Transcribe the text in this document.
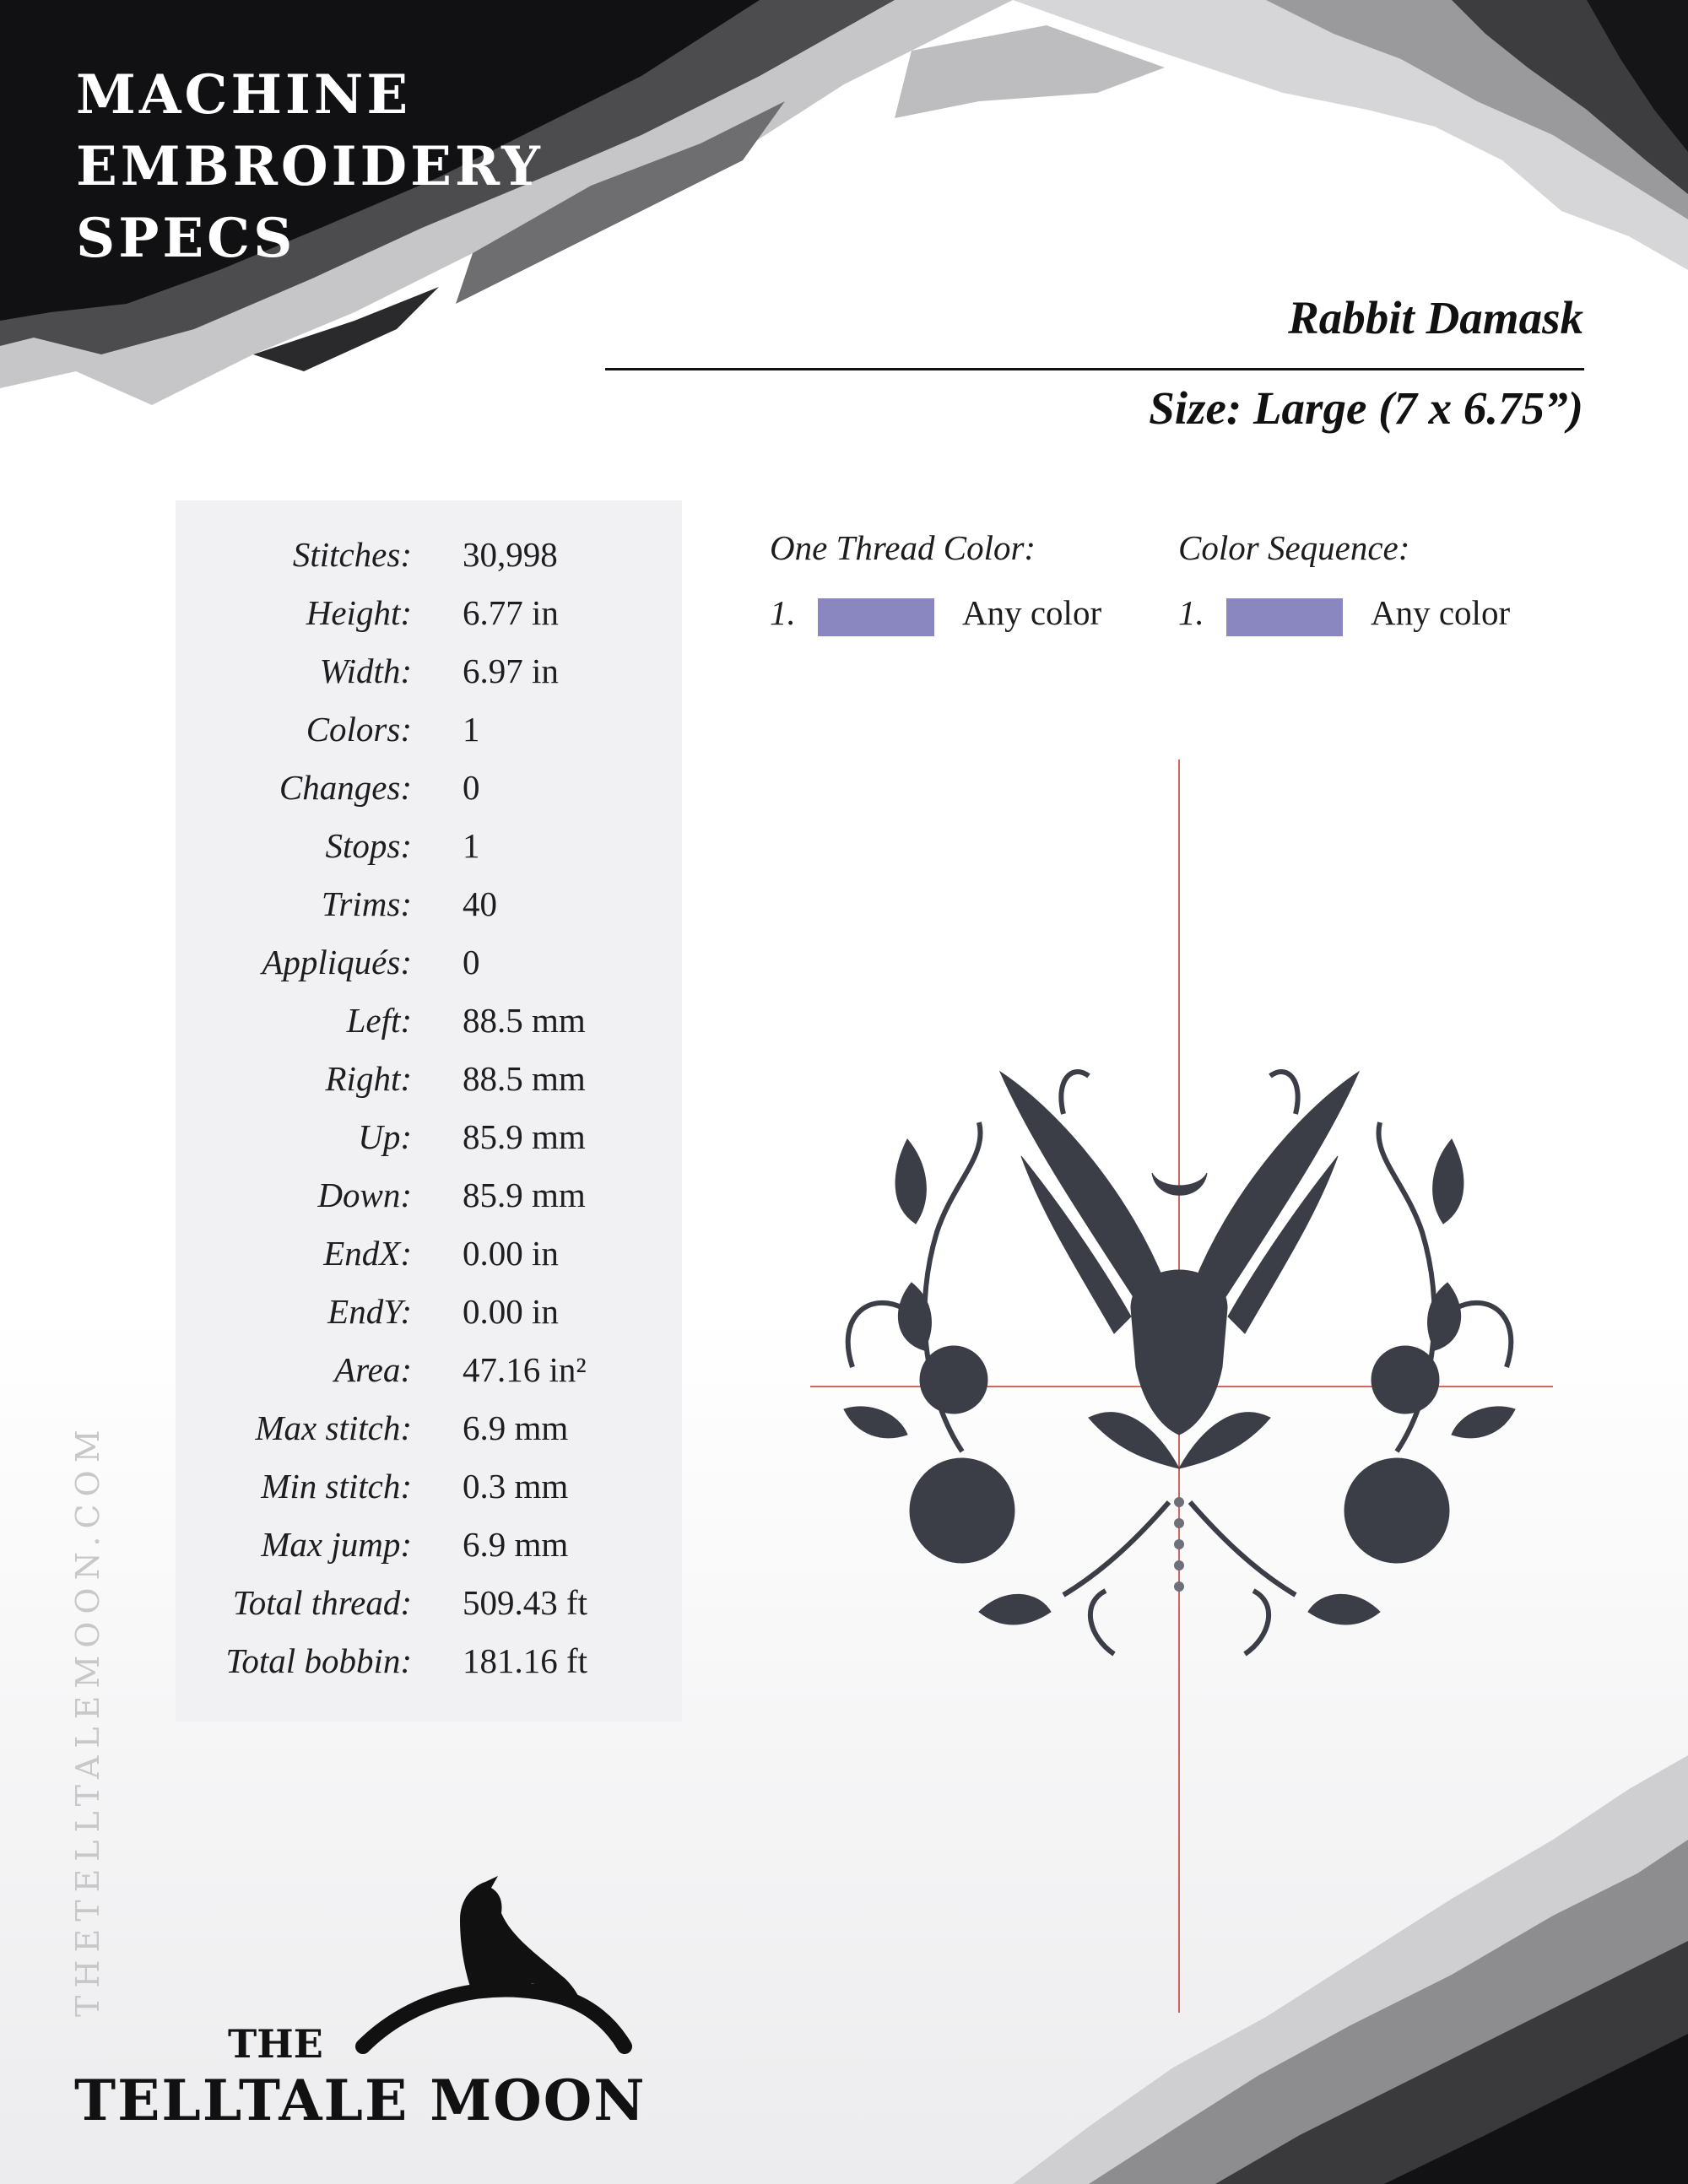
MACHINE
EMBROIDERY
SPECS
Rabbit Damask
Size: Large (7 x 6.75”)
Stitches: 30,998
Height: 6.77 in
Width: 6.97 in
Colors: 1
Changes: 0
Stops: 1
Trims: 40
Appliqués: 0
Left: 88.5 mm
Right: 88.5 mm
Up: 85.9 mm
Down: 85.9 mm
EndX: 0.00 in
EndY: 0.00 in
Area: 47.16 in²
Max stitch: 6.9 mm
Min stitch: 0.3 mm
Max jump: 6.9 mm
Total thread: 509.43 ft
Total bobbin: 181.16 ft
One Thread Color:
1.	Any color
Color Sequence:
1.	Any color
THETELLTALEMOON.COM
THE
TELLTALE MOON
